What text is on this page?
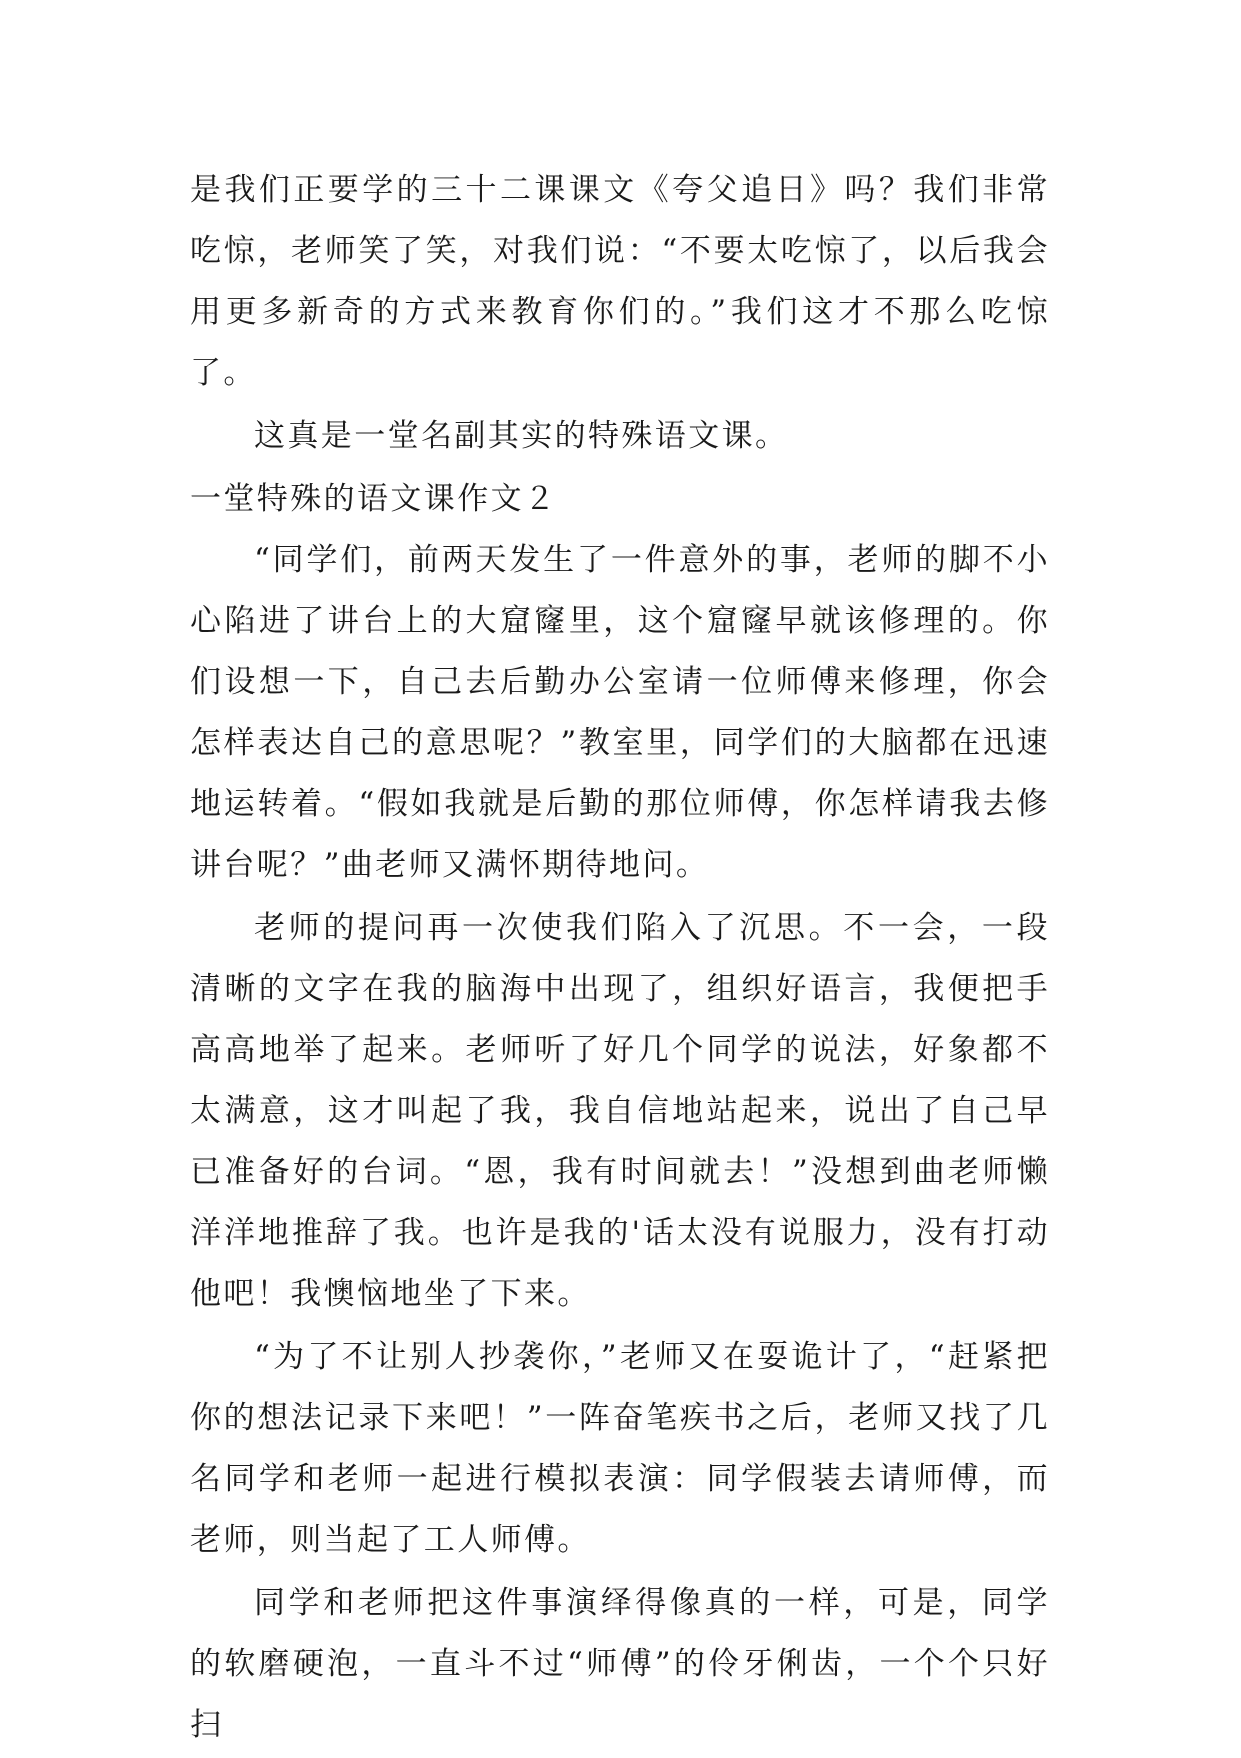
是我们正要学的三十二课课文《夸父追日》吗？我们非常吃惊，老师笑了笑，对我们说：“不要太吃惊了，以后我会用更多新奇的方式来教育你们的。”我们这才不那么吃惊了。

这真是一堂名副其实的特殊语文课。

一堂特殊的语文课作文２

“同学们，前两天发生了一件意外的事，老师的脚不小心陷进了讲台上的大窟窿里，这个窟窿早就该修理的。你们设想一下，自己去后勤办公室请一位师傅来修理，你会怎样表达自己的意思呢？”教室里，同学们的大脑都在迅速地运转着。“假如我就是后勤的那位师傅，你怎样请我去修讲台呢？”曲老师又满怀期待地问。

老师的提问再一次使我们陷入了沉思。不一会，一段清晰的文字在我的脑海中出现了，组织好语言，我便把手高高地举了起来。老师听了好几个同学的说法，好象都不太满意，这才叫起了我，我自信地站起来，说出了自己早已准备好的台词。“恩，我有时间就去！”没想到曲老师懒洋洋地推辞了我。也许是我的'话太没有说服力，没有打动他吧！我懊恼地坐了下来。

“为了不让别人抄袭你，”老师又在耍诡计了，“赶紧把你的想法记录下来吧！”一阵奋笔疾书之后，老师又找了几名同学和老师一起进行模拟表演：同学假装去请师傅，而老师，则当起了工人师傅。

同学和老师把这件事演绎得像真的一样，可是，同学的软磨硬泡，一直斗不过“师傅”的伶牙俐齿，一个个只好扫
